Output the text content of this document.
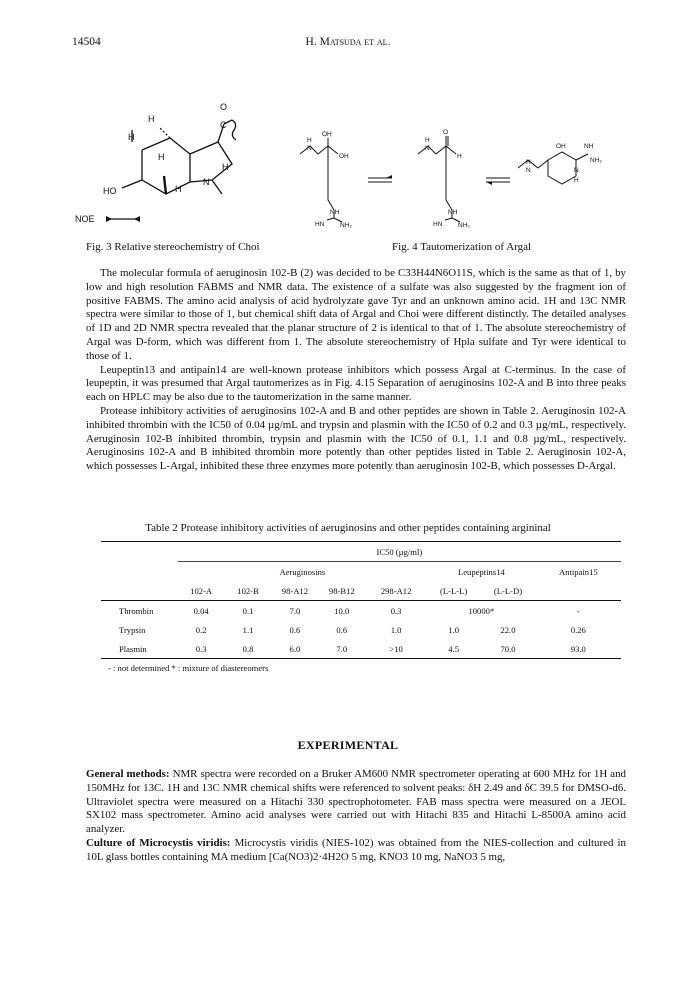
14504	H. Matsuda et al.
O
C
H
H
H
N
H
H
HO
NOE
OH
OH
NH
HN NH₂
N
H
O
H
NH
HN NH₂
N
H
OH	NH
NH₂
N
H
N
H
Fig. 3 Relative stereochemistry of Choi	Fig. 4 Tautomerization of Argal

The molecular formula of aeruginosin 102-B (2) was decided to be C33H44N6O11S, which is the same as that of 1, by low and high resolution FABMS and NMR data. The existence of a sulfate was also suggested by the fragment ion of positive FABMS. The amino acid analysis of acid hydrolyzate gave Tyr and an unknown amino acid. 1H and 13C NMR spectra were similar to those of 1, but chemical shift data of Argal and Choi were different distinctly. The detailed analyses of 1D and 2D NMR spectra revealed that the planar structure of 2 is identical to that of 1. The absolute stereochemistry of Argal was D-form, which was different from 1. The absolute stereochemistry of Hpla sulfate and Tyr were identical to those of 1.

Leupeptin13 and antipain14 are well-known protease inhibitors which possess Argal at C-terminus. In the case of leupeptin, it was presumed that Argal tautomerizes as in Fig. 4.15 Separation of aeruginosins 102-A and B into three peaks each on HPLC may be also due to the tautomerization in the same manner.

Protease inhibitory activities of aeruginosins 102-A and B and other peptides are shown in Table 2. Aeruginosin 102-A inhibited thrombin with the IC50 of 0.04 µg/mL and trypsin and plasmin with the IC50 of 0.2 and 0.3 µg/mL, respectively. Aeruginosin 102-B inhibited thrombin, trypsin and plasmin with the IC50 of 0.1, 1.1 and 0.8 µg/mL, respectively. Aeruginosins 102-A and B inhibited thrombin more potently than other peptides listed in Table 2. Aeruginosin 102-A, which possesses L-Argal, inhibited these three enzymes more potently than aeruginosin 102-B, which possesses D-Argal.

Table 2 Protease inhibitory activities of aeruginosins and other peptides containing argininal
	IC50 (µg/ml)							
	Aeruginosins					Leupeptins14		Antipain15
	102-A	102-B	98-A12	98-B12	298-A12	(L-L-L)	(L-L-D)	
Thrombin	0.04	0.1	7.0	10.0	0.3	10000*		-
Trypsin	0.2	1.1	0.6	0.6	1.0	1.0	22.0	0.26
Plasmin	0.3	0.8	6.0	7.0	>10	4.5	70.0	93.0
- : not determined * : mixture of diastereomers
EXPERIMENTAL

General methods: NMR spectra were recorded on a Bruker AM600 NMR spectrometer operating at 600 MHz for 1H and 150MHz for 13C. 1H and 13C NMR chemical shifts were referenced to solvent peaks: δH 2.49 and δC 39.5 for DMSO-d6. Ultraviolet spectra were measured on a Hitachi 330 spectrophotometer. FAB mass spectra were measured on a JEOL SX102 mass spectrometer. Amino acid analyses were carried out with Hitachi 835 and Hitachi L-8500A amino acid analyzer.

Culture of Microcystis viridis: Microcystis viridis (NIES-102) was obtained from the NIES-collection and cultured in 10L glass bottles containing MA medium [Ca(NO3)2·4H2O 5 mg, KNO3 10 mg, NaNO3 5 mg,
